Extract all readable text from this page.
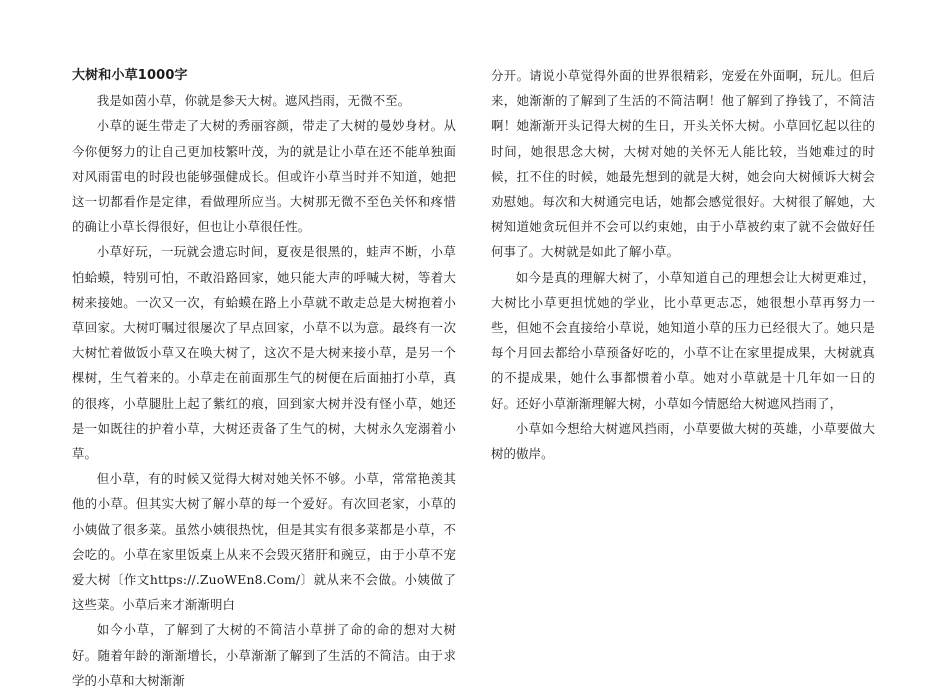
大树和小草1000字

我是如茵小草，你就是参天大树。遮风挡雨，无微不至。

小草的诞生带走了大树的秀丽容颜，带走了大树的曼妙身材。从今你便努力的让自己更加枝繁叶茂，为的就是让小草在还不能单独面对风雨雷电的时段也能够强健成长。但或许小草当时并不知道，她把这一切都看作是定律，看做理所应当。大树那无微不至色关怀和疼惜的确让小草长得很好，但也让小草很任性。

小草好玩，一玩就会遗忘时间，夏夜是很黑的，蛙声不断，小草怕蛤蟆，特别可怕，不敢沿路回家，她只能大声的呼喊大树，等着大树来接她。一次又一次，有蛤蟆在路上小草就不敢走总是大树抱着小草回家。大树叮嘱过很屡次了早点回家，小草不以为意。最终有一次大树忙着做饭小草又在唤大树了，这次不是大树来接小草，是另一个棵树，生气着来的。小草走在前面那生气的树便在后面抽打小草，真的很疼，小草腿肚上起了紫红的痕，回到家大树并没有怪小草，她还是一如既往的护着小草，大树还责备了生气的树，大树永久宠溺着小草。

但小草，有的时候又觉得大树对她关怀不够。小草，常常艳羡其他的小草。但其实大树了解小草的每一个爱好。有次回老家，小草的小姨做了很多菜。虽然小姨很热忱，但是其实有很多菜都是小草，不会吃的。小草在家里饭桌上从来不会毁灭猪肝和豌豆，由于小草不宠爱大树〔作文https://.ZuoWEn8.Com/〕就从来不会做。小姨做了这些菜。小草后来才渐渐明白

如今小草，了解到了大树的不简洁小草拼了命的命的想对大树好。随着年龄的渐渐增长，小草渐渐了解到了生活的不简洁。由于求学的小草和大树渐渐

分开。请说小草觉得外面的世界很精彩，宠爱在外面啊，玩儿。但后来，她渐渐的了解到了生活的不简洁啊！他了解到了挣钱了，不简洁啊！她渐渐开头记得大树的生日，开头关怀大树。小草回忆起以往的时间，她很思念大树，大树对她的关怀无人能比较，当她难过的时候，扛不住的时候，她最先想到的就是大树，她会向大树倾诉大树会劝慰她。每次和大树通完电话，她都会感觉很好。大树很了解她，大树知道她贪玩但并不会可以约束她，由于小草被约束了就不会做好任何事了。大树就是如此了解小草。

如今是真的理解大树了，小草知道自己的理想会让大树更难过，大树比小草更担忧她的学业，比小草更志忑，她很想小草再努力一些，但她不会直接给小草说，她知道小草的压力已经很大了。她只是每个月回去都给小草预备好吃的，小草不让在家里提成果，大树就真的不提成果，她什么事都惯着小草。她对小草就是十几年如一日的好。还好小草渐渐理解大树，小草如今情愿给大树遮风挡雨了，

小草如今想给大树遮风挡雨，小草要做大树的英雄，小草要做大树的傲岸。
